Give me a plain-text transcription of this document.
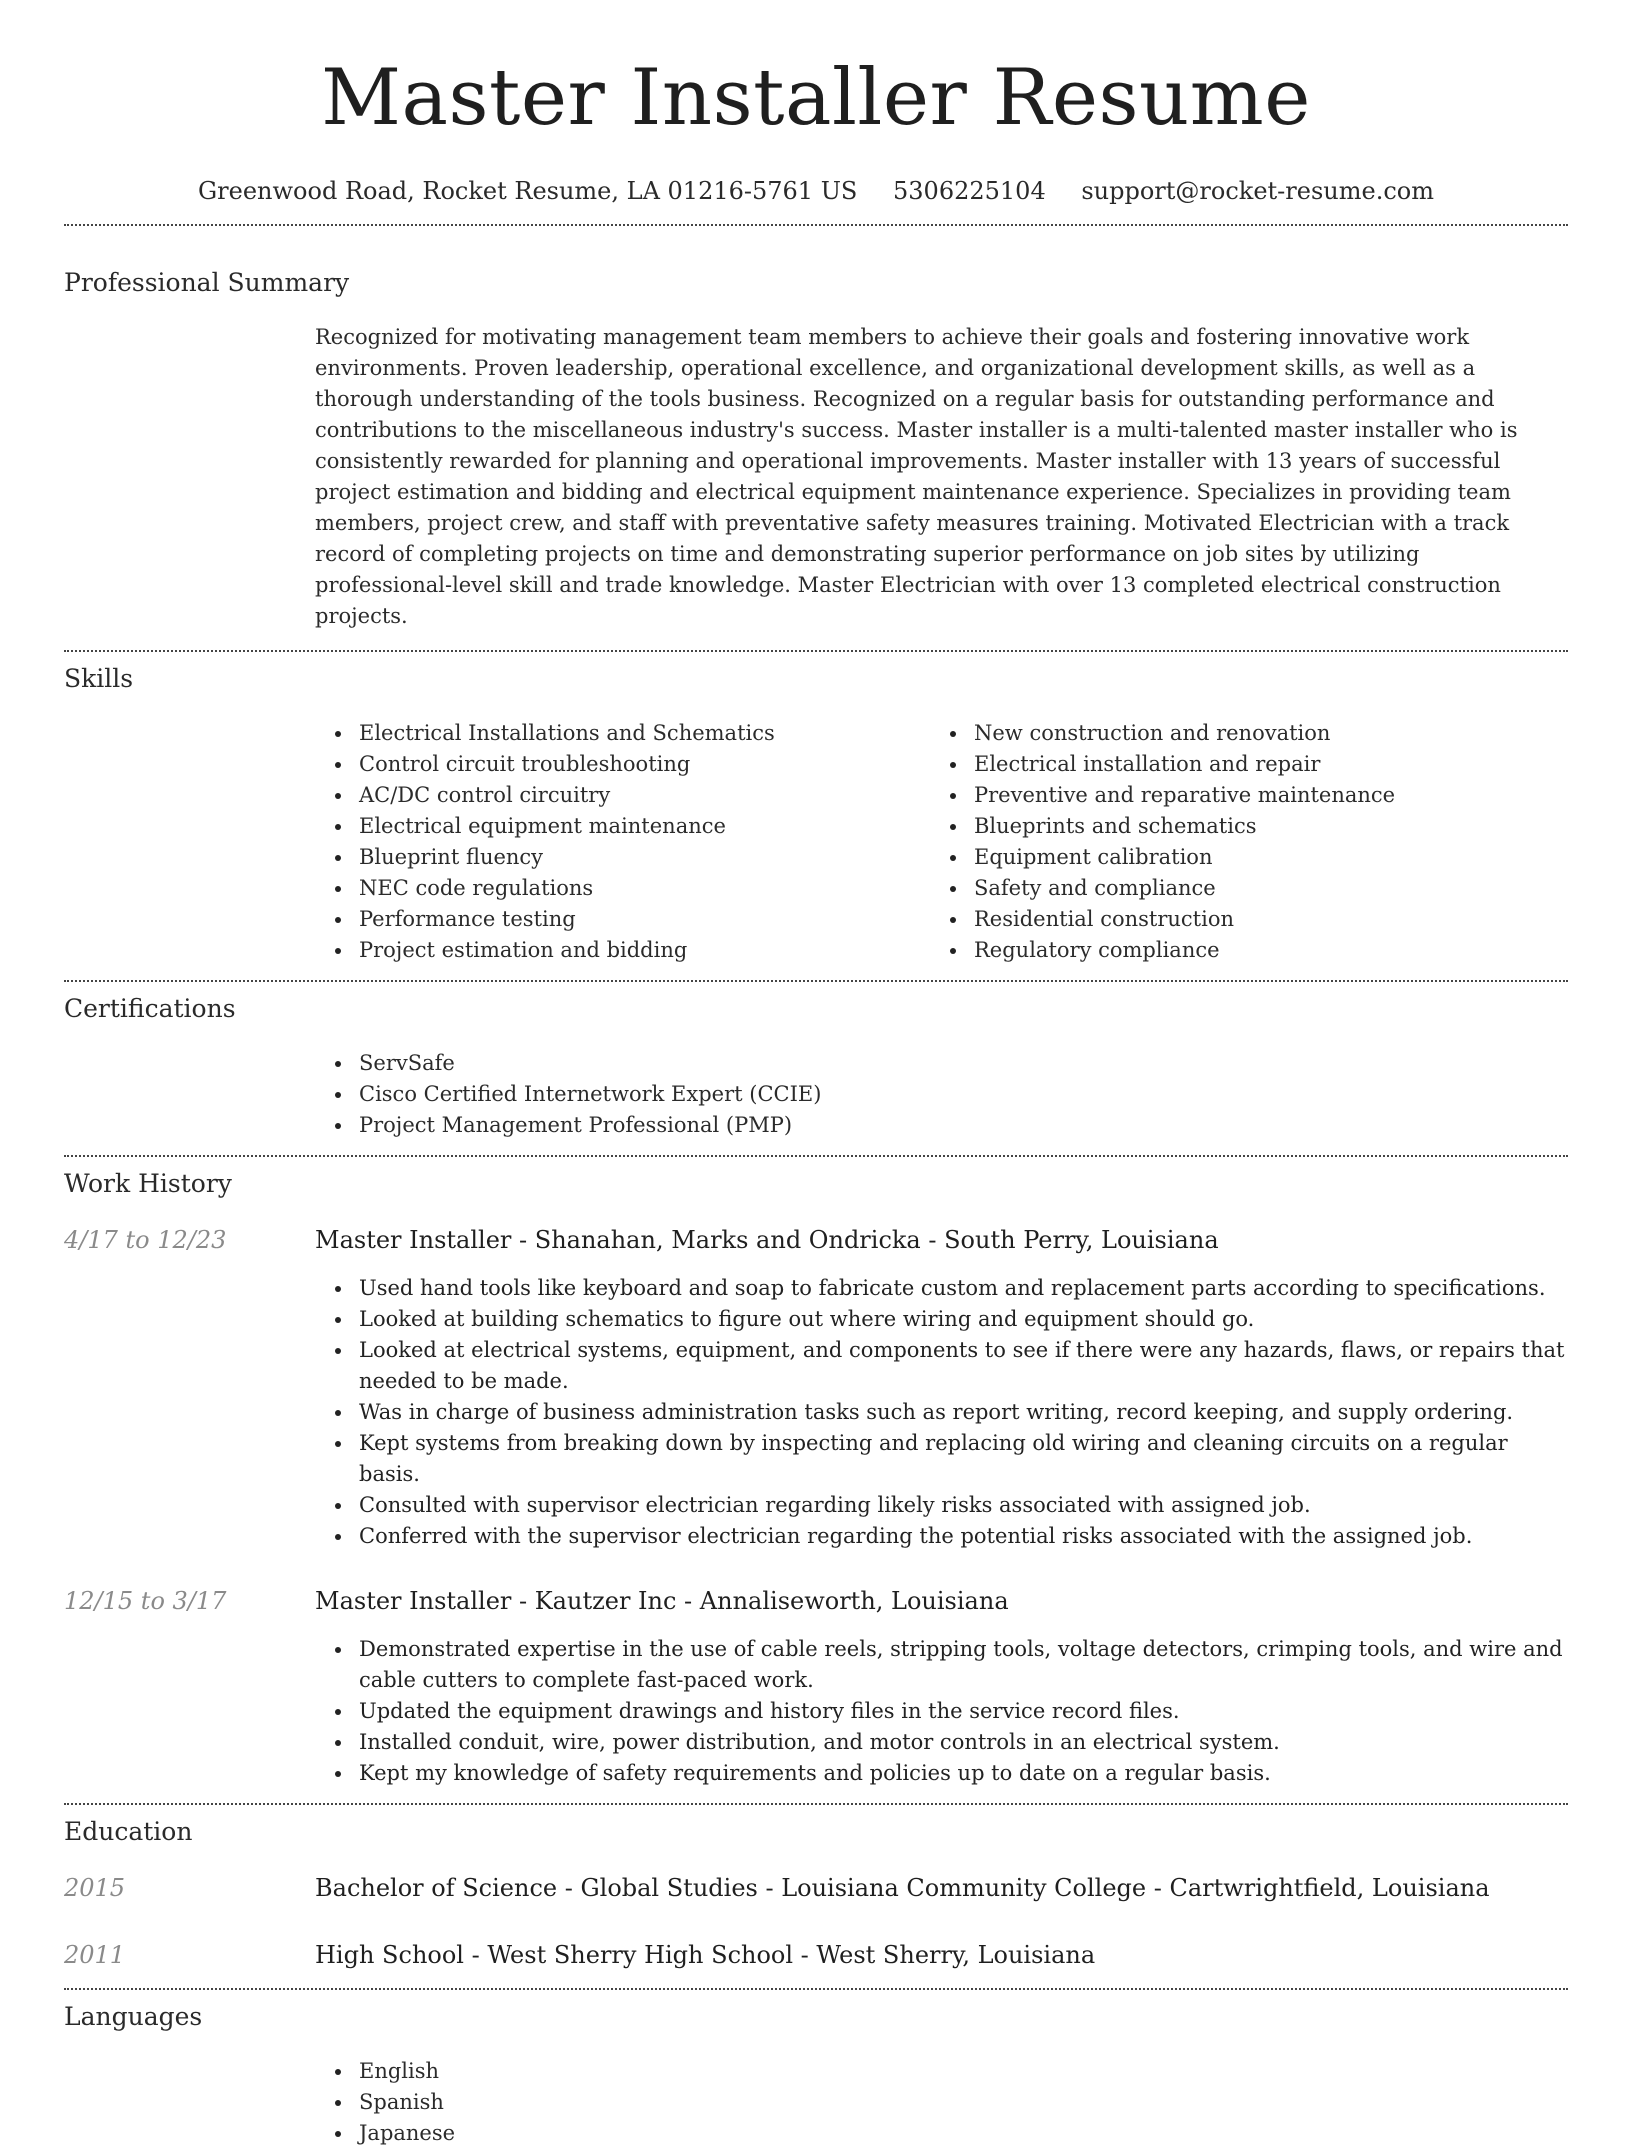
Master Installer Resume
Greenwood Road, Rocket Resume, LA 01216-5761 US 5306225104 support@rocket-resume.com
Professional Summary

Recognized for motivating management team members to achieve their goals and fostering innovative work environments. Proven leadership, operational excellence, and organizational development skills, as well as a thorough understanding of the tools business. Recognized on a regular basis for outstanding performance and contributions to the miscellaneous industry's success. Master installer is a multi-talented master installer who is consistently rewarded for planning and operational improvements. Master installer with 13 years of successful project estimation and bidding and electrical equipment maintenance experience. Specializes in providing team members, project crew, and staff with preventative safety measures training. Motivated Electrician with a track record of completing projects on time and demonstrating superior performance on job sites by utilizing professional-level skill and trade knowledge. Master Electrician with over 13 completed electrical construction projects.

Skills
Electrical Installations and Schematics
Control circuit troubleshooting
AC/DC control circuitry
Electrical equipment maintenance
Blueprint fluency
NEC code regulations
Performance testing
Project estimation and bidding
New construction and renovation
Electrical installation and repair
Preventive and reparative maintenance
Blueprints and schematics
Equipment calibration
Safety and compliance
Residential construction
Regulatory compliance
Certifications
ServSafe
Cisco Certified Internetwork Expert (CCIE)
Project Management Professional (PMP)
Work History
4/17 to 12/23	Master Installer - Shanahan, Marks and Ondricka - South Perry, Louisiana
Used hand tools like keyboard and soap to fabricate custom and replacement parts according to specifications.
Looked at building schematics to figure out where wiring and equipment should go.
Looked at electrical systems, equipment, and components to see if there were any hazards, flaws, or repairs that needed to be made.
Was in charge of business administration tasks such as report writing, record keeping, and supply ordering.
Kept systems from breaking down by inspecting and replacing old wiring and cleaning circuits on a regular basis.
Consulted with supervisor electrician regarding likely risks associated with assigned job.
Conferred with the supervisor electrician regarding the potential risks associated with the assigned job.
12/15 to 3/17	Master Installer - Kautzer Inc - Annaliseworth, Louisiana
Demonstrated expertise in the use of cable reels, stripping tools, voltage detectors, crimping tools, and wire and cable cutters to complete fast-paced work.
Updated the equipment drawings and history files in the service record files.
Installed conduit, wire, power distribution, and motor controls in an electrical system.
Kept my knowledge of safety requirements and policies up to date on a regular basis.
Education
2015	Bachelor of Science - Global Studies - Louisiana Community College - Cartwrightfield, Louisiana
2011	High School - West Sherry High School - West Sherry, Louisiana
Languages
English
Spanish
Japanese
